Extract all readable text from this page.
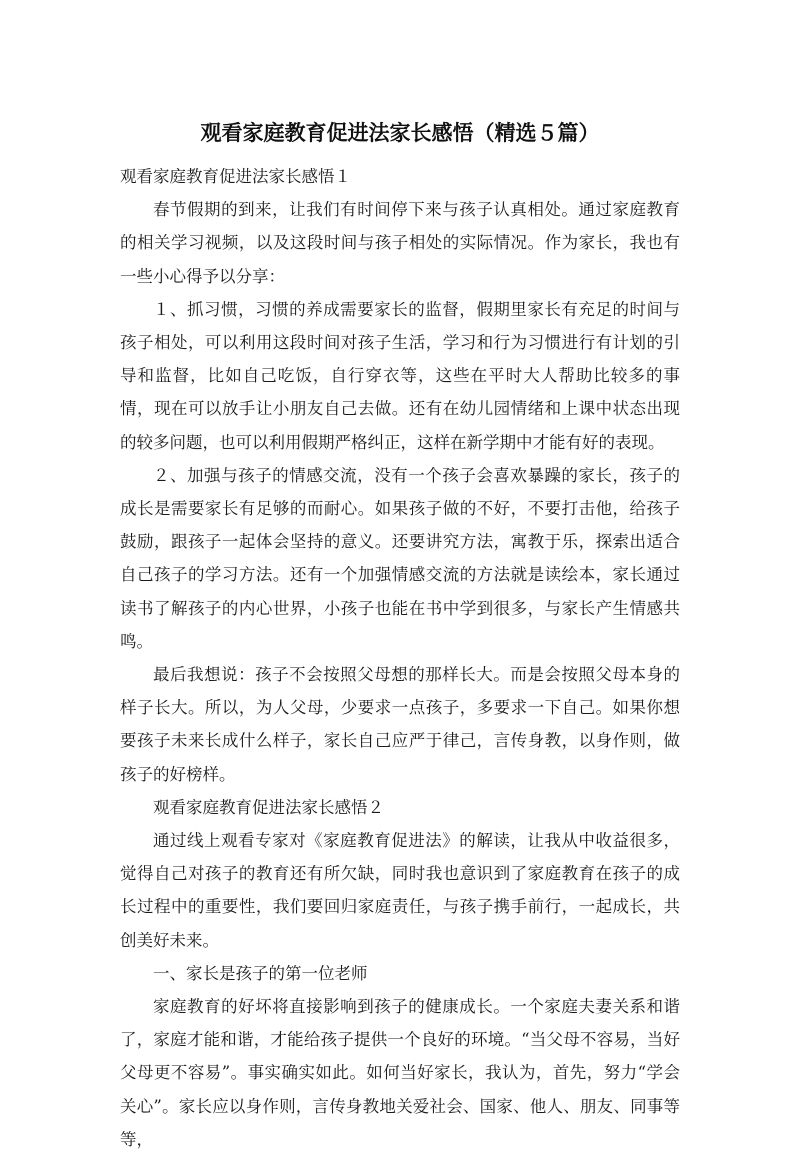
观看家庭教育促进法家长感悟（精选５篇）

观看家庭教育促进法家长感悟１

春节假期的到来，让我们有时间停下来与孩子认真相处。通过家庭教育的相关学习视频，以及这段时间与孩子相处的实际情况。作为家长，我也有一些小心得予以分享：

１、抓习惯，习惯的养成需要家长的监督，假期里家长有充足的时间与孩子相处，可以利用这段时间对孩子生活，学习和行为习惯进行有计划的引导和监督，比如自己吃饭，自行穿衣等，这些在平时大人帮助比较多的事情，现在可以放手让小朋友自己去做。还有在幼儿园情绪和上课中状态出现的较多问题，也可以利用假期严格纠正，这样在新学期中才能有好的表现。

２、加强与孩子的情感交流，没有一个孩子会喜欢暴躁的家长，孩子的成长是需要家长有足够的而耐心。如果孩子做的不好，不要打击他，给孩子鼓励，跟孩子一起体会坚持的意义。还要讲究方法，寓教于乐，探索出适合自己孩子的学习方法。还有一个加强情感交流的方法就是读绘本，家长通过读书了解孩子的内心世界，小孩子也能在书中学到很多，与家长产生情感共鸣。

最后我想说：孩子不会按照父母想的那样长大。而是会按照父母本身的样子长大。所以，为人父母，少要求一点孩子，多要求一下自己。如果你想要孩子未来长成什么样子，家长自己应严于律己，言传身教，以身作则，做孩子的好榜样。

观看家庭教育促进法家长感悟２

通过线上观看专家对《家庭教育促进法》的解读，让我从中收益很多，觉得自己对孩子的教育还有所欠缺，同时我也意识到了家庭教育在孩子的成长过程中的重要性，我们要回归家庭责任，与孩子携手前行，一起成长，共创美好未来。

一、家长是孩子的第一位老师

家庭教育的好坏将直接影响到孩子的健康成长。一个家庭夫妻关系和谐了，家庭才能和谐，才能给孩子提供一个良好的环境。“当父母不容易，当好父母更不容易”。事实确实如此。如何当好家长，我认为，首先，努力“学会关心”。家长应以身作则，言传身教地关爱社会、国家、他人、朋友、同事等等，
